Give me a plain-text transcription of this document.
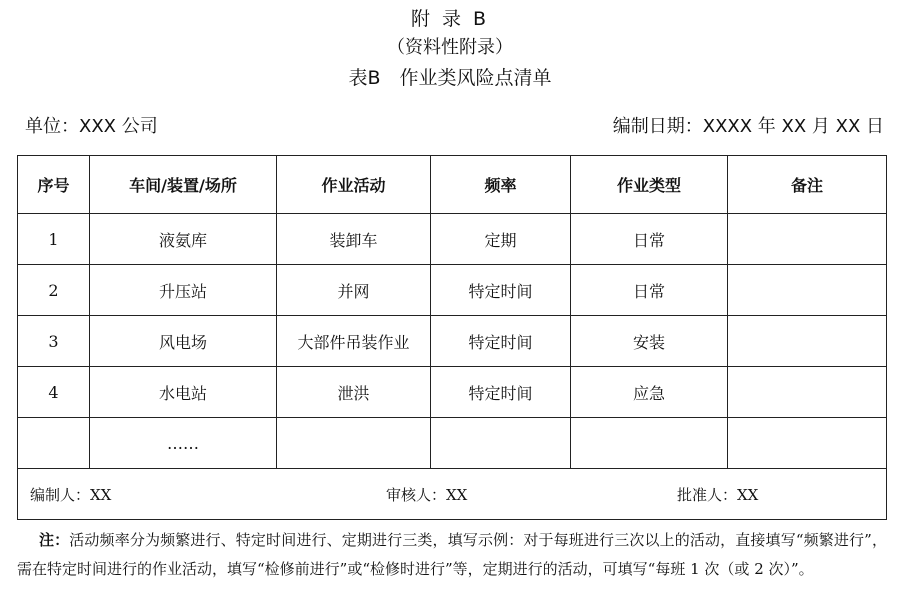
附 录 B
（资料性附录）
表B　作业类风险点清单
单位：XXX 公司	编制日期：XXXX 年 XX 月 XX 日
序号	车间/装置/场所	作业活动	频率	作业类型	备注
1	液氨库	装卸车	定期	日常	
2	升压站	并网	特定时间	日常	
3	风电场	大部件吊装作业	特定时间	安装	
4	水电站	泄洪	特定时间	应急	
	……				

编制人：XX 审核人：XX 批准人：XX					
注：活动频率分为频繁进行、特定时间进行、定期进行三类，填写示例：对于每班进行三次以上的活动，直接填写“频繁进行”，需在特定时间进行的作业活动，填写“检修前进行”或“检修时进行”等，定期进行的活动，可填写“每班 1 次（或 2 次）”。
